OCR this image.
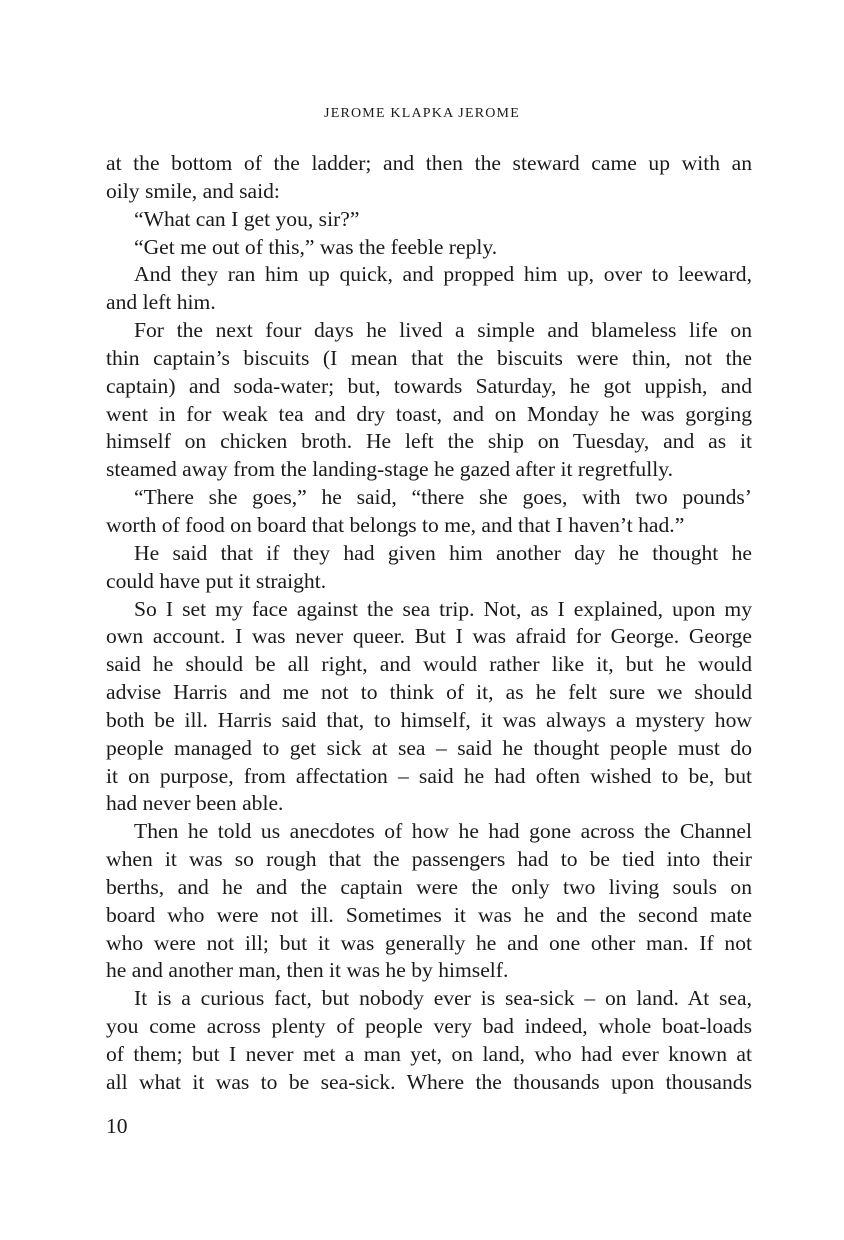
JEROME KLAPKA JEROME
at the bottom of the ladder; and then the steward came up with an
oily smile, and said:
“What can I get you, sir?”
“Get me out of this,” was the feeble reply.
And they ran him up quick, and propped him up, over to leeward,
and left him.
For the next four days he lived a simple and blameless life on
thin captain’s biscuits (I mean that the biscuits were thin, not the
captain) and soda-water; but, towards Saturday, he got uppish, and
went in for weak tea and dry toast, and on Monday he was gorging
himself on chicken broth. He left the ship on Tuesday, and as it
steamed away from the landing-stage he gazed after it regretfully.
“There she goes,” he said, “there she goes, with two pounds’
worth of food on board that belongs to me, and that I haven’t had.”
He said that if they had given him another day he thought he
could have put it straight.
So I set my face against the sea trip. Not, as I explained, upon my
own account. I was never queer. But I was afraid for George. George
said he should be all right, and would rather like it, but he would
advise Harris and me not to think of it, as he felt sure we should
both be ill. Harris said that, to himself, it was always a mystery how
people managed to get sick at sea – said he thought people must do
it on purpose, from affectation – said he had often wished to be, but
had never been able.
Then he told us anecdotes of how he had gone across the Channel
when it was so rough that the passengers had to be tied into their
berths, and he and the captain were the only two living souls on
board who were not ill. Sometimes it was he and the second mate
who were not ill; but it was generally he and one other man. If not
he and another man, then it was he by himself.
It is a curious fact, but nobody ever is sea-sick – on land. At sea,
you come across plenty of people very bad indeed, whole boat-loads
of them; but I never met a man yet, on land, who had ever known at
all what it was to be sea-sick. Where the thousands upon thousands
10
